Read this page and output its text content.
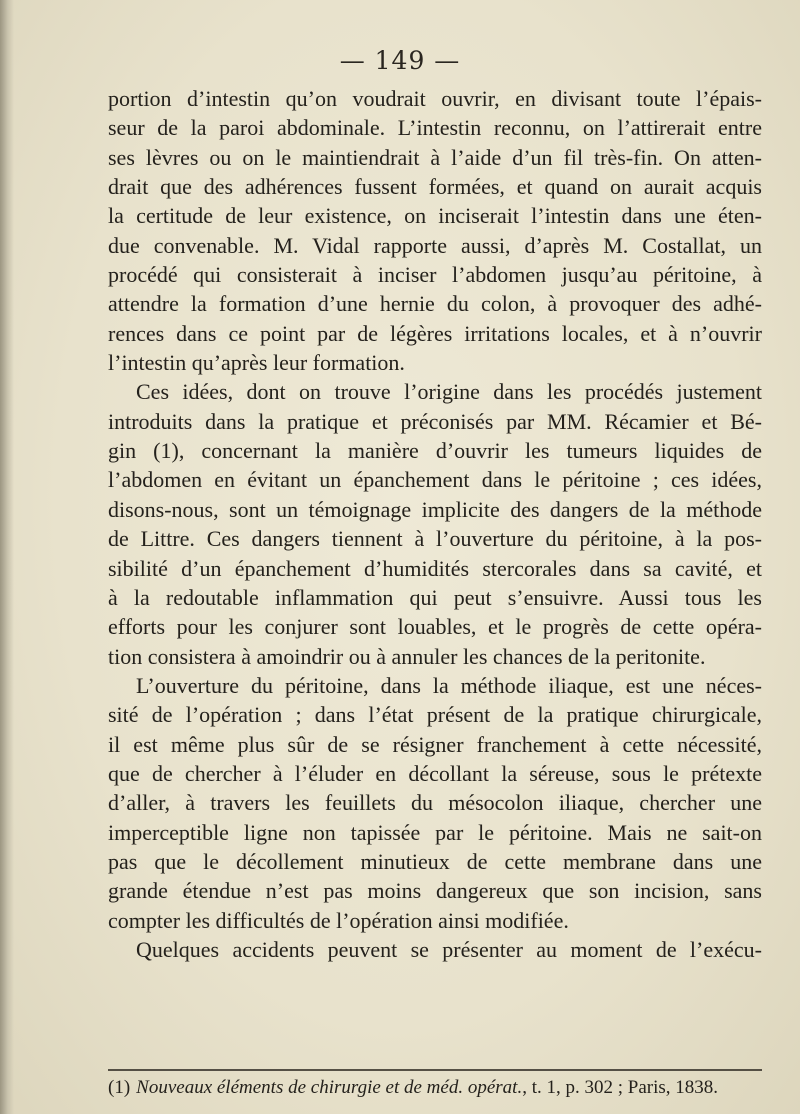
— 149 —
portion d’intestin qu’on voudrait ouvrir, en divisant toute l’épais-
seur de la paroi abdominale. L’intestin reconnu, on l’attirerait entre
ses lèvres ou on le maintiendrait à l’aide d’un fil très-fin. On atten-
drait que des adhérences fussent formées, et quand on aurait acquis
la certitude de leur existence, on inciserait l’intestin dans une éten-
due convenable. M. Vidal rapporte aussi, d’après M. Costallat, un
procédé qui consisterait à inciser l’abdomen jusqu’au péritoine, à
attendre la formation d’une hernie du colon, à provoquer des adhé-
rences dans ce point par de légères irritations locales, et à n’ouvrir
l’intestin qu’après leur formation.
Ces idées, dont on trouve l’origine dans les procédés justement
introduits dans la pratique et préconisés par MM. Récamier et Bé-
gin (1), concernant la manière d’ouvrir les tumeurs liquides de
l’abdomen en évitant un épanchement dans le péritoine ; ces idées,
disons-nous, sont un témoignage implicite des dangers de la méthode
de Littre. Ces dangers tiennent à l’ouverture du péritoine, à la pos-
sibilité d’un épanchement d’humidités stercorales dans sa cavité, et
à la redoutable inflammation qui peut s’ensuivre. Aussi tous les
efforts pour les conjurer sont louables, et le progrès de cette opéra-
tion consistera à amoindrir ou à annuler les chances de la peritonite.
L’ouverture du péritoine, dans la méthode iliaque, est une néces-
sité de l’opération ; dans l’état présent de la pratique chirurgicale,
il est même plus sûr de se résigner franchement à cette nécessité,
que de chercher à l’éluder en décollant la séreuse, sous le prétexte
d’aller, à travers les feuillets du mésocolon iliaque, chercher une
imperceptible ligne non tapissée par le péritoine. Mais ne sait-on
pas que le décollement minutieux de cette membrane dans une
grande étendue n’est pas moins dangereux que son incision, sans
compter les difficultés de l’opération ainsi modifiée.
Quelques accidents peuvent se présenter au moment de l’exécu-
(1) Nouveaux éléments de chirurgie et de méd. opérat., t. 1, p. 302 ; Paris, 1838.
